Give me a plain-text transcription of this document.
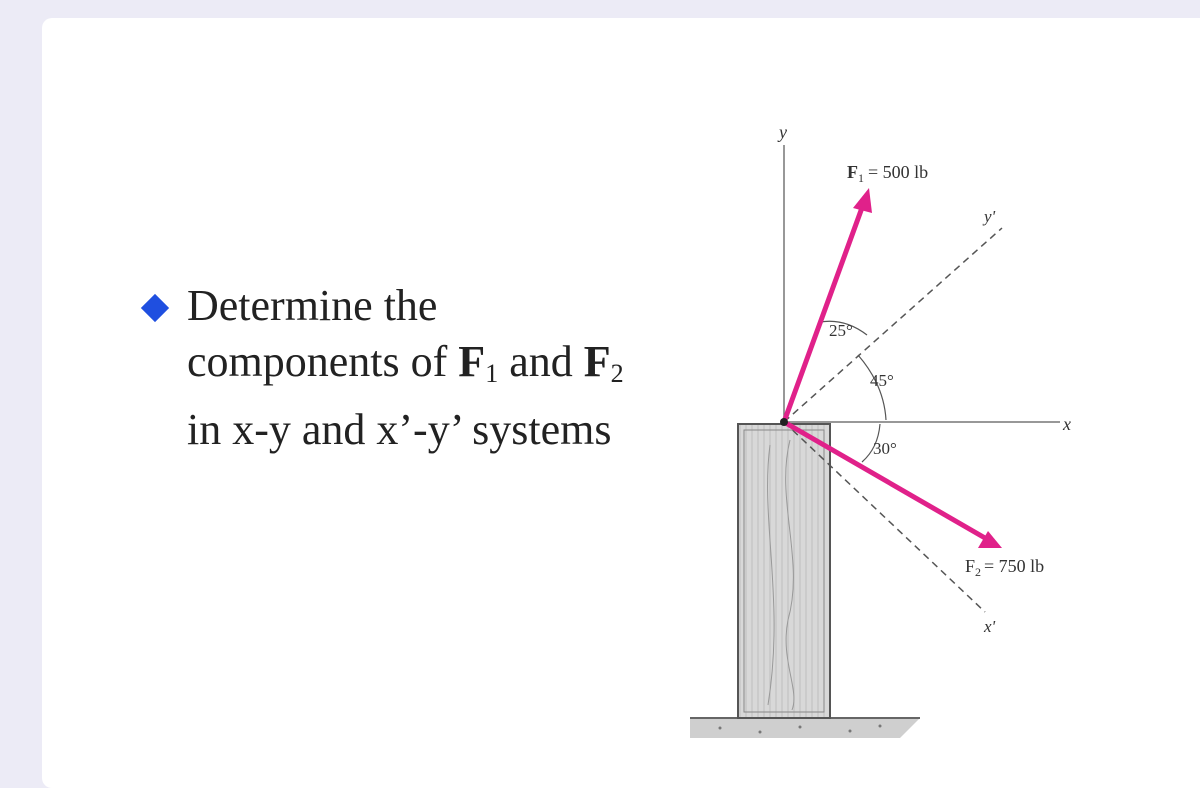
Determine the
components of $F_1$ and $F_2$
in x-y and x’-y’ systems
y
x
y'
x'
25°
45°
30°
$F_1 = 500$ lb
$F_2 = 750$ lb
